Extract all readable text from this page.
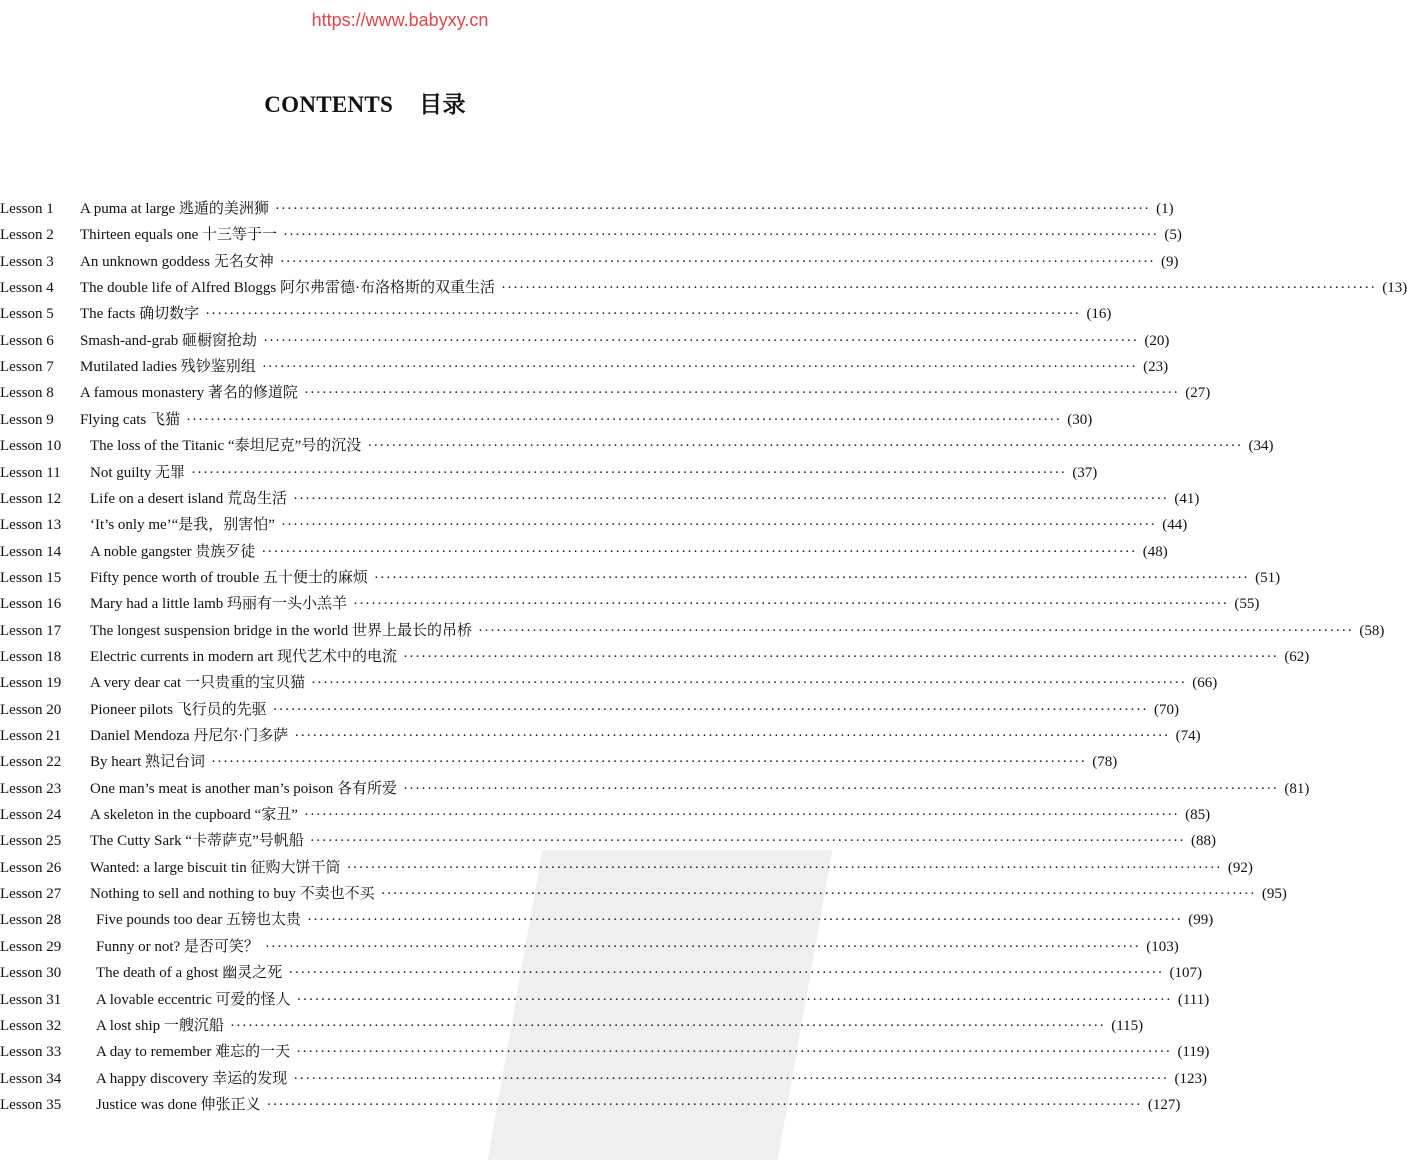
https://www.babyxy.cn
CONTENTS 目录
Lesson 1	A puma at large 逃遁的美洲狮 ·····	(1)
Lesson 2	Thirteen equals one 十三等于一 ·····	(5)
Lesson 3	An unknown goddess 无名女神 ·····	(9)
Lesson 4	The double life of Alfred Bloggs 阿尔弗雷德·布洛格斯的双重生活 ·····	(13)
Lesson 5	The facts 确切数字 ·····	(16)
Lesson 6	Smash-and-grab 砸橱窗抢劫 ·····	(20)
Lesson 7	Mutilated ladies 残钞鉴别组 ·····	(23)
Lesson 8	A famous monastery 著名的修道院 ·····	(27)
Lesson 9	Flying cats 飞猫 ·····	(30)
Lesson 10	The loss of the Titanic “泰坦尼克”号的沉没 ·····	(34)
Lesson 11	Not guilty 无罪 ·····	(37)
Lesson 12	Life on a desert island 荒岛生活 ·····	(41)
Lesson 13	‘It’s only me’“是我，别害怕” ·····	(44)
Lesson 14	A noble gangster 贵族歹徒 ·····	(48)
Lesson 15	Fifty pence worth of trouble 五十便士的麻烦 ·····	(51)
Lesson 16	Mary had a little lamb 玛丽有一头小羔羊 ·····	(55)
Lesson 17	The longest suspension bridge in the world 世界上最长的吊桥 ·····	(58)
Lesson 18	Electric currents in modern art 现代艺术中的电流 ·····	(62)
Lesson 19	A very dear cat 一只贵重的宝贝猫 ·····	(66)
Lesson 20	Pioneer pilots 飞行员的先驱 ·····	(70)
Lesson 21	Daniel Mendoza 丹尼尔·门多萨 ·····	(74)
Lesson 22	By heart 熟记台词 ·····	(78)
Lesson 23	One man’s meat is another man’s poison 各有所爱 ·····	(81)
Lesson 24	A skeleton in the cupboard “家丑” ·····	(85)
Lesson 25	The Cutty Sark “卡蒂萨克”号帆船 ·····	(88)
Lesson 26	Wanted: a large biscuit tin 征购大饼干筒 ·····	(92)
Lesson 27	Nothing to sell and nothing to buy 不卖也不买 ·····	(95)
Lesson 28	Five pounds too dear 五镑也太贵 ·····	(99)
Lesson 29	Funny or not? 是否可笑？ ·····	(103)
Lesson 30	The death of a ghost 幽灵之死 ·····	(107)
Lesson 31	A lovable eccentric 可爱的怪人 ·····	(111)
Lesson 32	A lost ship 一艘沉船 ·····	(115)
Lesson 33	A day to remember 难忘的一天 ·····	(119)
Lesson 34	A happy discovery 幸运的发现 ·····	(123)
Lesson 35	Justice was done 伸张正义 ·····	(127)
